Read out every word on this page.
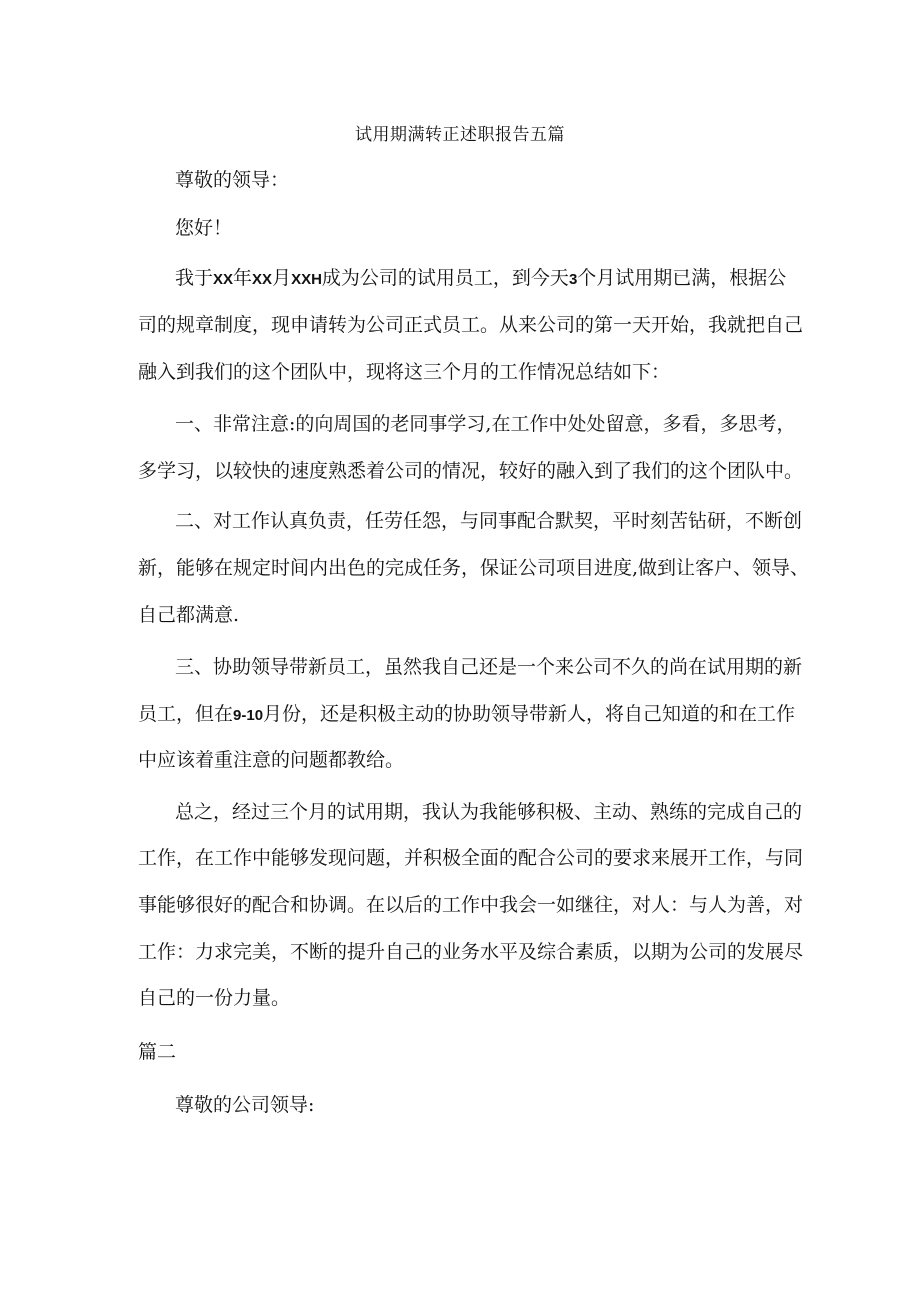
试用期满转正述职报告五篇
尊敬的领导：
您好！
我于XX年XX月XXH成为公司的试用员工，到今天3个月试用期已满，根据公
司的规章制度，现申请转为公司正式员工。从来公司的第一天开始，我就把自己
融入到我们的这个团队中，现将这三个月的工作情况总结如下：
一、非常注意:的向周国的老同事学习,在工作中处处留意，多看，多思考，
多学习，以较快的速度熟悉着公司的情况，较好的融入到了我们的这个团队中。
二、对工作认真负责，任劳任怨，与同事配合默契，平时刻苦钻研，不断创
新，能够在规定时间内出色的完成任务，保证公司项目进度,做到让客户、领导、
自己都满意.
三、协助领导带新员工，虽然我自己还是一个来公司不久的尚在试用期的新
员工，但在9-10月份，还是积极主动的协助领导带新人，将自己知道的和在工作
中应该着重注意的问题都教给。
总之，经过三个月的试用期，我认为我能够积极、主动、熟练的完成自己的
工作，在工作中能够发现问题，并积极全面的配合公司的要求来展开工作，与同
事能够很好的配合和协调。在以后的工作中我会一如继往，对人：与人为善，对
工作：力求完美，不断的提升自己的业务水平及综合素质，以期为公司的发展尽
自己的一份力量。
篇二
尊敬的公司领导:
